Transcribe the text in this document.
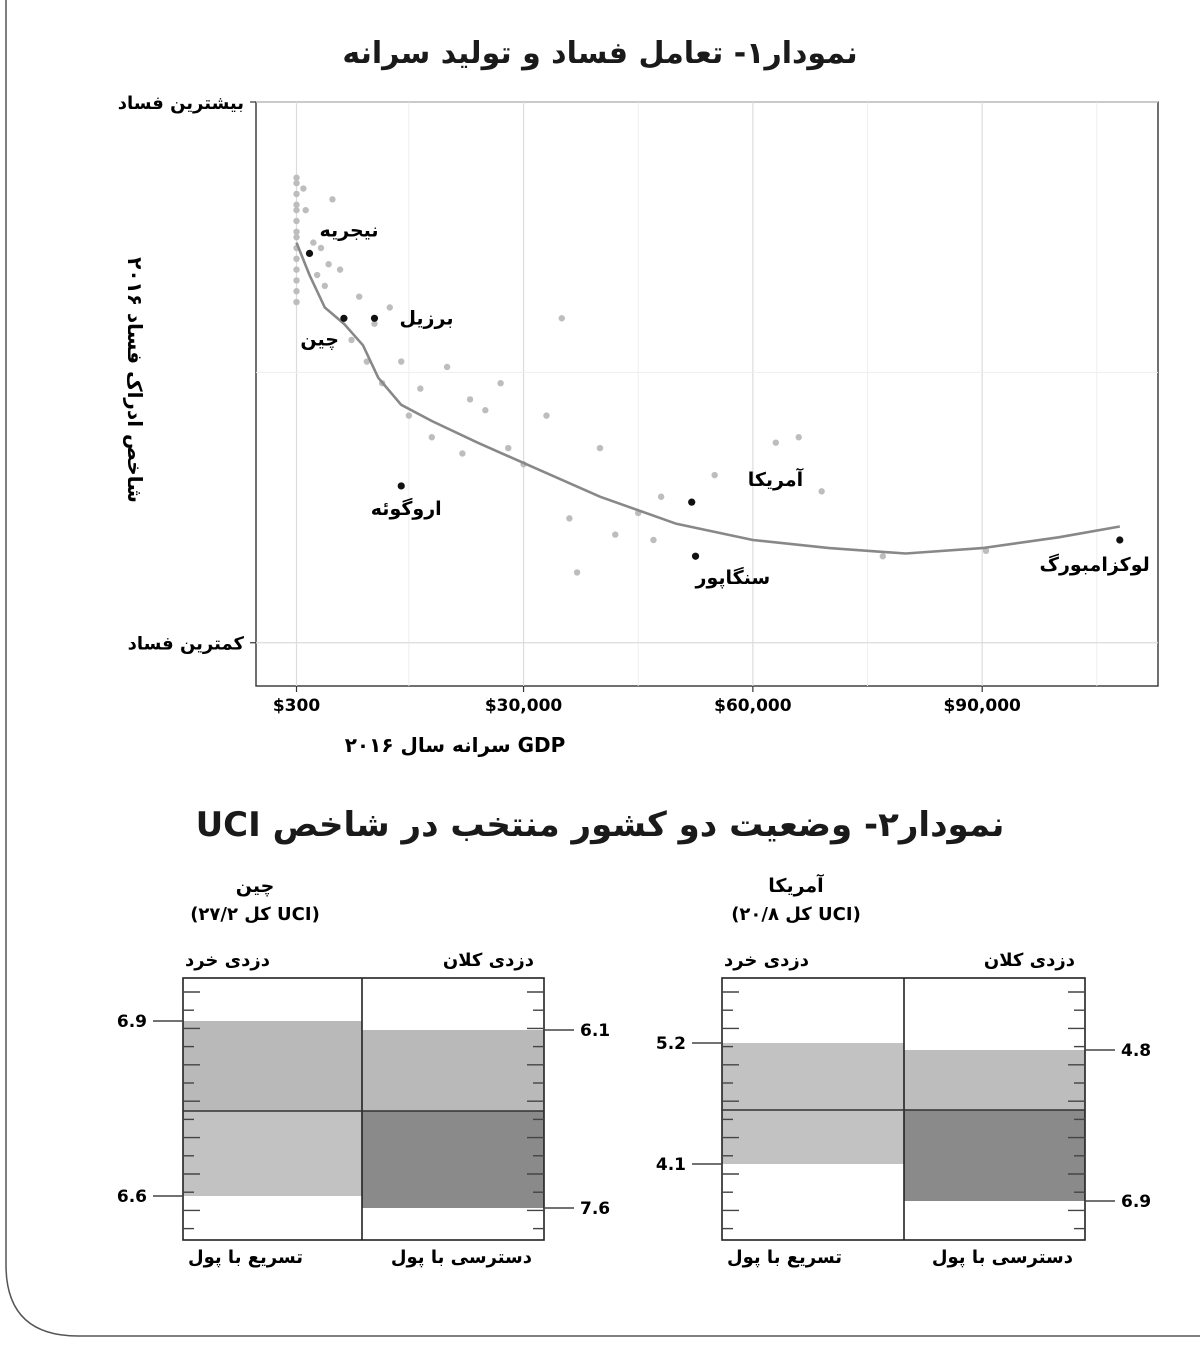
$300	$30,000	$60,000	$90,000
بیشترین فساد
کمترین فساد
نیجریه
چین
برزیل
اروگوئه
آمریکا
سنگاپور
لوکزامبورگ
GDP سرانه سال ۲۰۱۶
شاخص ادراک فساد ۲۰۱۶
چین
(UCI کل ۲۷/۲)
دزدی خرد	دزدی کلان
تسریع با پول	دسترسی با پول
6.9	6.1
6.6
7.6
آمریکا
(UCI کل ۲۰/۸)
دزدی خرد	دزدی کلان
تسریع با پول	دسترسی با پول
5.2	4.8
4.1
6.9
نمودار۱- تعامل فساد و تولید سرانه
نمودار۲- وضعیت دو کشور منتخب در شاخص UCI
